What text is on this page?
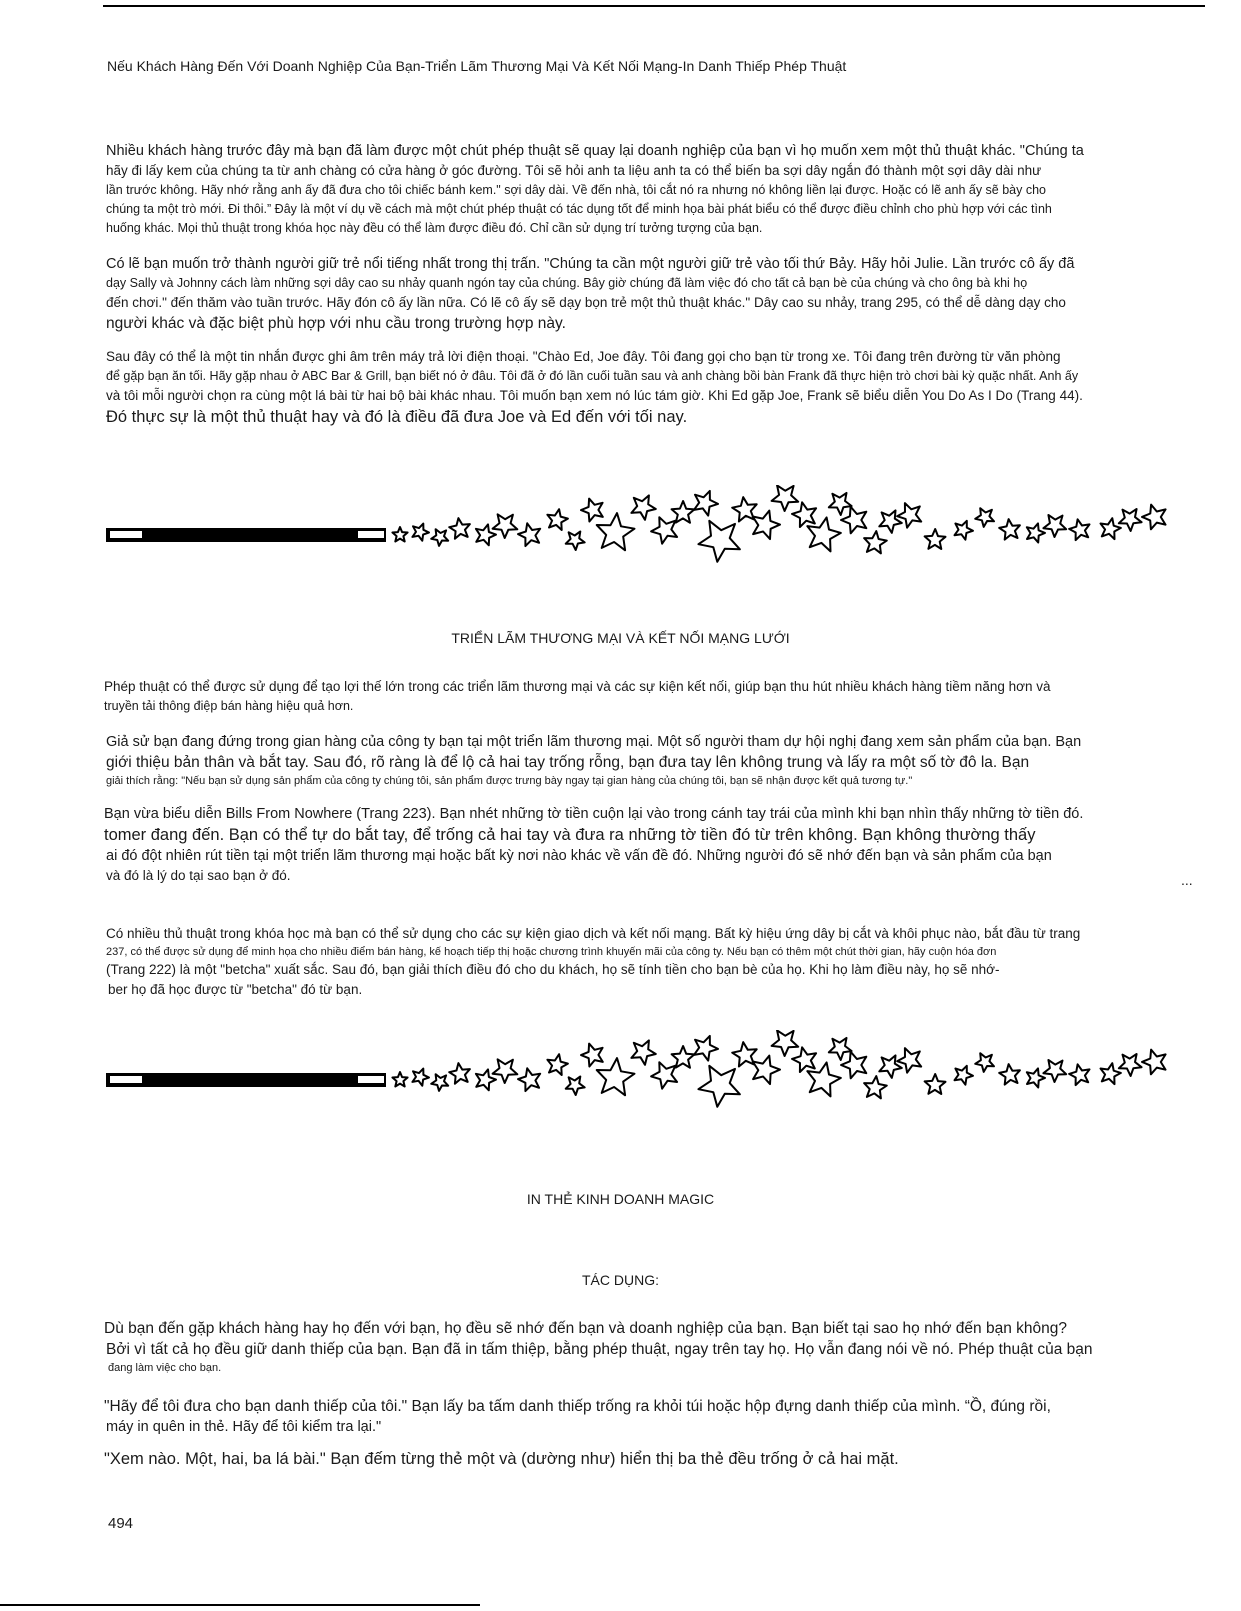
Nếu Khách Hàng Đến Với Doanh Nghiệp Của Bạn-Triển Lãm Thương Mại Và Kết Nối Mạng-In Danh Thiếp Phép Thuật
Nhiều khách hàng trước đây mà bạn đã làm được một chút phép thuật sẽ quay lại doanh nghiệp của bạn vì họ muốn xem một thủ thuật khác. "Chúng ta
hãy đi lấy kem của chúng ta từ anh chàng có cửa hàng ở góc đường. Tôi sẽ hỏi anh ta liệu anh ta có thể biến ba sợi dây ngắn đó thành một sợi dây dài như
lần trước không. Hãy nhớ rằng anh ấy đã đưa cho tôi chiếc bánh kem." sợi dây dài. Về đến nhà, tôi cắt nó ra nhưng nó không liền lại được. Hoặc có lẽ anh ấy sẽ bày cho
chúng ta một trò mới. Đi thôi.” Đây là một ví dụ về cách mà một chút phép thuật có tác dụng tốt để minh họa bài phát biểu có thể được điều chỉnh cho phù hợp với các tình
huống khác. Mọi thủ thuật trong khóa học này đều có thể làm được điều đó. Chỉ cần sử dụng trí tưởng tượng của bạn.
Có lẽ bạn muốn trở thành người giữ trẻ nổi tiếng nhất trong thị trấn. "Chúng ta cần một người giữ trẻ vào tối thứ Bảy. Hãy hỏi Julie. Lần trước cô ấy đã
dạy Sally và Johnny cách làm những sợi dây cao su nhảy quanh ngón tay của chúng. Bây giờ chúng đã làm việc đó cho tất cả bạn bè của chúng và cho ông bà khi họ
đến chơi." đến thăm vào tuần trước. Hãy đón cô ấy lần nữa. Có lẽ cô ấy sẽ dạy bọn trẻ một thủ thuật khác." Dây cao su nhảy, trang 295, có thể dễ dàng dạy cho
người khác và đặc biệt phù hợp với nhu cầu trong trường hợp này.
Sau đây có thể là một tin nhắn được ghi âm trên máy trả lời điện thoại. "Chào Ed, Joe đây. Tôi đang gọi cho bạn từ trong xe. Tôi đang trên đường từ văn phòng
để gặp bạn ăn tối. Hãy gặp nhau ở ABC Bar & Grill, bạn biết nó ở đâu. Tôi đã ở đó lần cuối tuần sau và anh chàng bồi bàn Frank đã thực hiện trò chơi bài kỳ quặc nhất. Anh ấy
và tôi mỗi người chọn ra cùng một lá bài từ hai bộ bài khác nhau. Tôi muốn bạn xem nó lúc tám giờ. Khi Ed gặp Joe, Frank sẽ biểu diễn You Do As I Do (Trang 44).
Đó thực sự là một thủ thuật hay và đó là điều đã đưa Joe và Ed đến với tối nay.
TRIỂN LÃM THƯƠNG MẠI VÀ KẾT NỐI MẠNG LƯỚI
Phép thuật có thể được sử dụng để tạo lợi thế lớn trong các triển lãm thương mại và các sự kiện kết nối, giúp bạn thu hút nhiều khách hàng tiềm năng hơn và
truyền tải thông điệp bán hàng hiệu quả hơn.
Giả sử bạn đang đứng trong gian hàng của công ty bạn tại một triển lãm thương mại. Một số người tham dự hội nghị đang xem sản phẩm của bạn. Bạn
giới thiệu bản thân và bắt tay. Sau đó, rõ ràng là để lộ cả hai tay trống rỗng, bạn đưa tay lên không trung và lấy ra một số tờ đô la. Bạn
giải thích rằng: "Nếu bạn sử dụng sản phẩm của công ty chúng tôi, sản phẩm được trưng bày ngay tại gian hàng của chúng tôi, bạn sẽ nhận được kết quả tương tự."
Bạn vừa biểu diễn Bills From Nowhere (Trang 223). Bạn nhét những tờ tiền cuộn lại vào trong cánh tay trái của mình khi bạn nhìn thấy những tờ tiền đó.
tomer đang đến. Bạn có thể tự do bắt tay, để trống cả hai tay và đưa ra những tờ tiền đó từ trên không. Bạn không thường thấy
ai đó đột nhiên rút tiền tại một triển lãm thương mại hoặc bất kỳ nơi nào khác về vấn đề đó. Những người đó sẽ nhớ đến bạn và sản phẩm của bạn
và đó là lý do tại sao bạn ở đó.	...
Có nhiều thủ thuật trong khóa học mà bạn có thể sử dụng cho các sự kiện giao dịch và kết nối mạng. Bất kỳ hiệu ứng dây bị cắt và khôi phục nào, bắt đầu từ trang
237, có thể được sử dụng để minh họa cho nhiều điểm bán hàng, kế hoạch tiếp thị hoặc chương trình khuyến mãi của công ty. Nếu bạn có thêm một chút thời gian, hãy cuộn hóa đơn
(Trang 222) là một "betcha" xuất sắc. Sau đó, bạn giải thích điều đó cho du khách, họ sẽ tính tiền cho bạn bè của họ. Khi họ làm điều này, họ sẽ nhớ-
ber họ đã học được từ "betcha" đó từ bạn.
IN THẺ KINH DOANH MAGIC
TÁC DỤNG:
Dù bạn đến gặp khách hàng hay họ đến với bạn, họ đều sẽ nhớ đến bạn và doanh nghiệp của bạn. Bạn biết tại sao họ nhớ đến bạn không?
Bởi vì tất cả họ đều giữ danh thiếp của bạn. Bạn đã in tấm thiệp, bằng phép thuật, ngay trên tay họ. Họ vẫn đang nói về nó. Phép thuật của bạn
đang làm việc cho bạn.
"Hãy để tôi đưa cho bạn danh thiếp của tôi." Bạn lấy ba tấm danh thiếp trống ra khỏi túi hoặc hộp đựng danh thiếp của mình. “Ồ, đúng rồi,
máy in quên in thẻ. Hãy để tôi kiểm tra lại."
"Xem nào. Một, hai, ba lá bài." Bạn đếm từng thẻ một và (dường như) hiển thị ba thẻ đều trống ở cả hai mặt.
494
